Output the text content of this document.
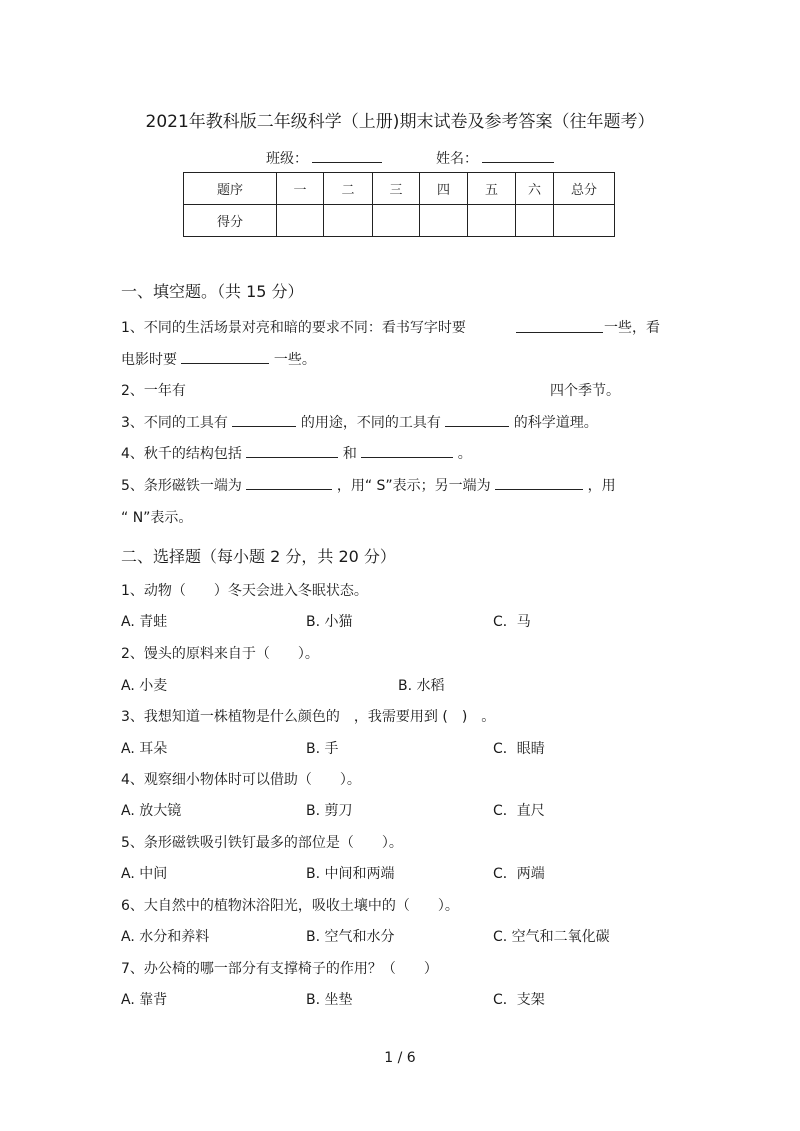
2021年教科版二年级科学（上册)期末试卷及参考答案（往年题考）
班级：	姓名：
题序	一	二	三	四	五	六	总分
得分							
一、填空题。（共 15 分）
1、不同的生活场景对亮和暗的要求不同：看书写字时要	一些，看
电影时要	一些。
2、一年有	四个季节。
3、不同的工具有	的用途，不同的工具有	的科学道理。
4、秋千的结构包括	和	。
5、条形磁铁一端为	，用“ S”表示；另一端为	，用
“ N”表示。
二、选择题（每小题 2 分，共 20 分）
1、动物（　　）冬天会进入冬眠状态。
A. 青蛙	B. 小猫	C．马
2、馒头的原料来自于（　　）。
A. 小麦	B. 水稻
3、我想知道一株植物是什么颜色的　，我需要用到 (　)　。
A. 耳朵	B. 手	C．眼睛
4、观察细小物体时可以借助（　　）。
A. 放大镜	B. 剪刀	C．直尺
5、条形磁铁吸引铁钉最多的部位是（　　）。
A. 中间	B. 中间和两端	C．两端
6、大自然中的植物沐浴阳光，吸收土壤中的（　　）。
A. 水分和养料	B. 空气和水分	C. 空气和二氧化碳
7、办公椅的哪一部分有支撑椅子的作用？（　　）
A. 靠背	B. 坐垫	C．支架
1 / 6
